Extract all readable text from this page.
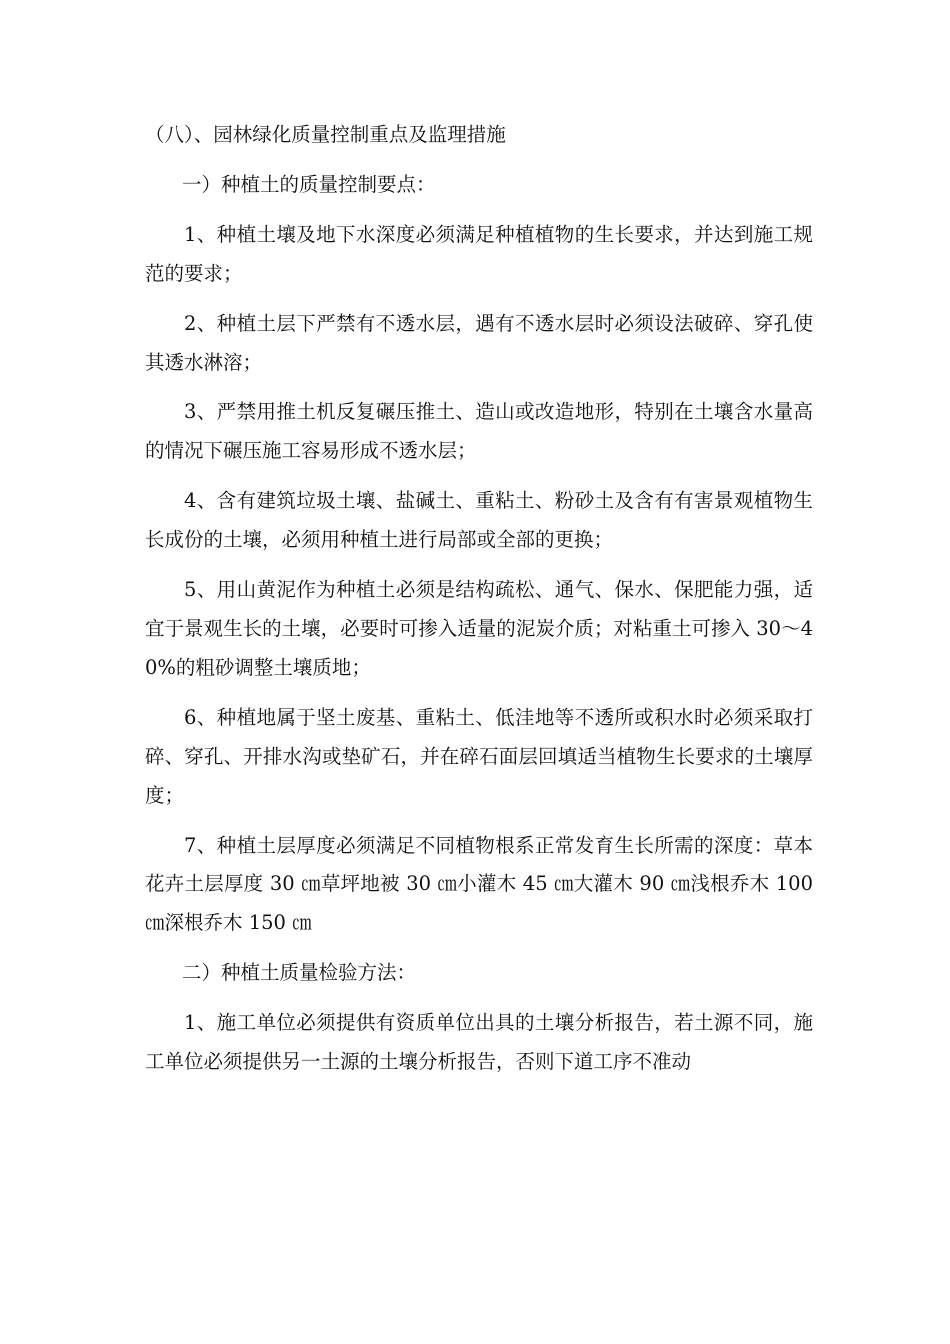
（八）、园林绿化质量控制重点及监理措施

一）种植土的质量控制要点：

1、种植土壤及地下水深度必须满足种植植物的生长要求，并达到施工规范的要求；

2、种植土层下严禁有不透水层，遇有不透水层时必须设法破碎、穿孔使其透水淋溶；

3、严禁用推土机反复碾压推土、造山或改造地形，特别在土壤含水量高的情况下碾压施工容易形成不透水层；

4、含有建筑垃圾土壤、盐碱土、重粘土、粉砂土及含有有害景观植物生长成份的土壤，必须用种植土进行局部或全部的更换；

5、用山黄泥作为种植土必须是结构疏松、通气、保水、保肥能力强，适宜于景观生长的土壤，必要时可掺入适量的泥炭介质；对粘重土可掺入 30～40%的粗砂调整土壤质地；

6、种植地属于坚土废基、重粘土、低洼地等不透所或积水时必须采取打碎、穿孔、开排水沟或垫矿石，并在碎石面层回填适当植物生长要求的土壤厚度；

7、种植土层厚度必须满足不同植物根系正常发育生长所需的深度：草本花卉土层厚度 30 ㎝草坪地被 30 ㎝小灌木 45 ㎝大灌木 90 ㎝浅根乔木 100 ㎝深根乔木 150 ㎝

二）种植土质量检验方法：

1、施工单位必须提供有资质单位出具的土壤分析报告，若土源不同，施工单位必须提供另一土源的土壤分析报告，否则下道工序不准动
